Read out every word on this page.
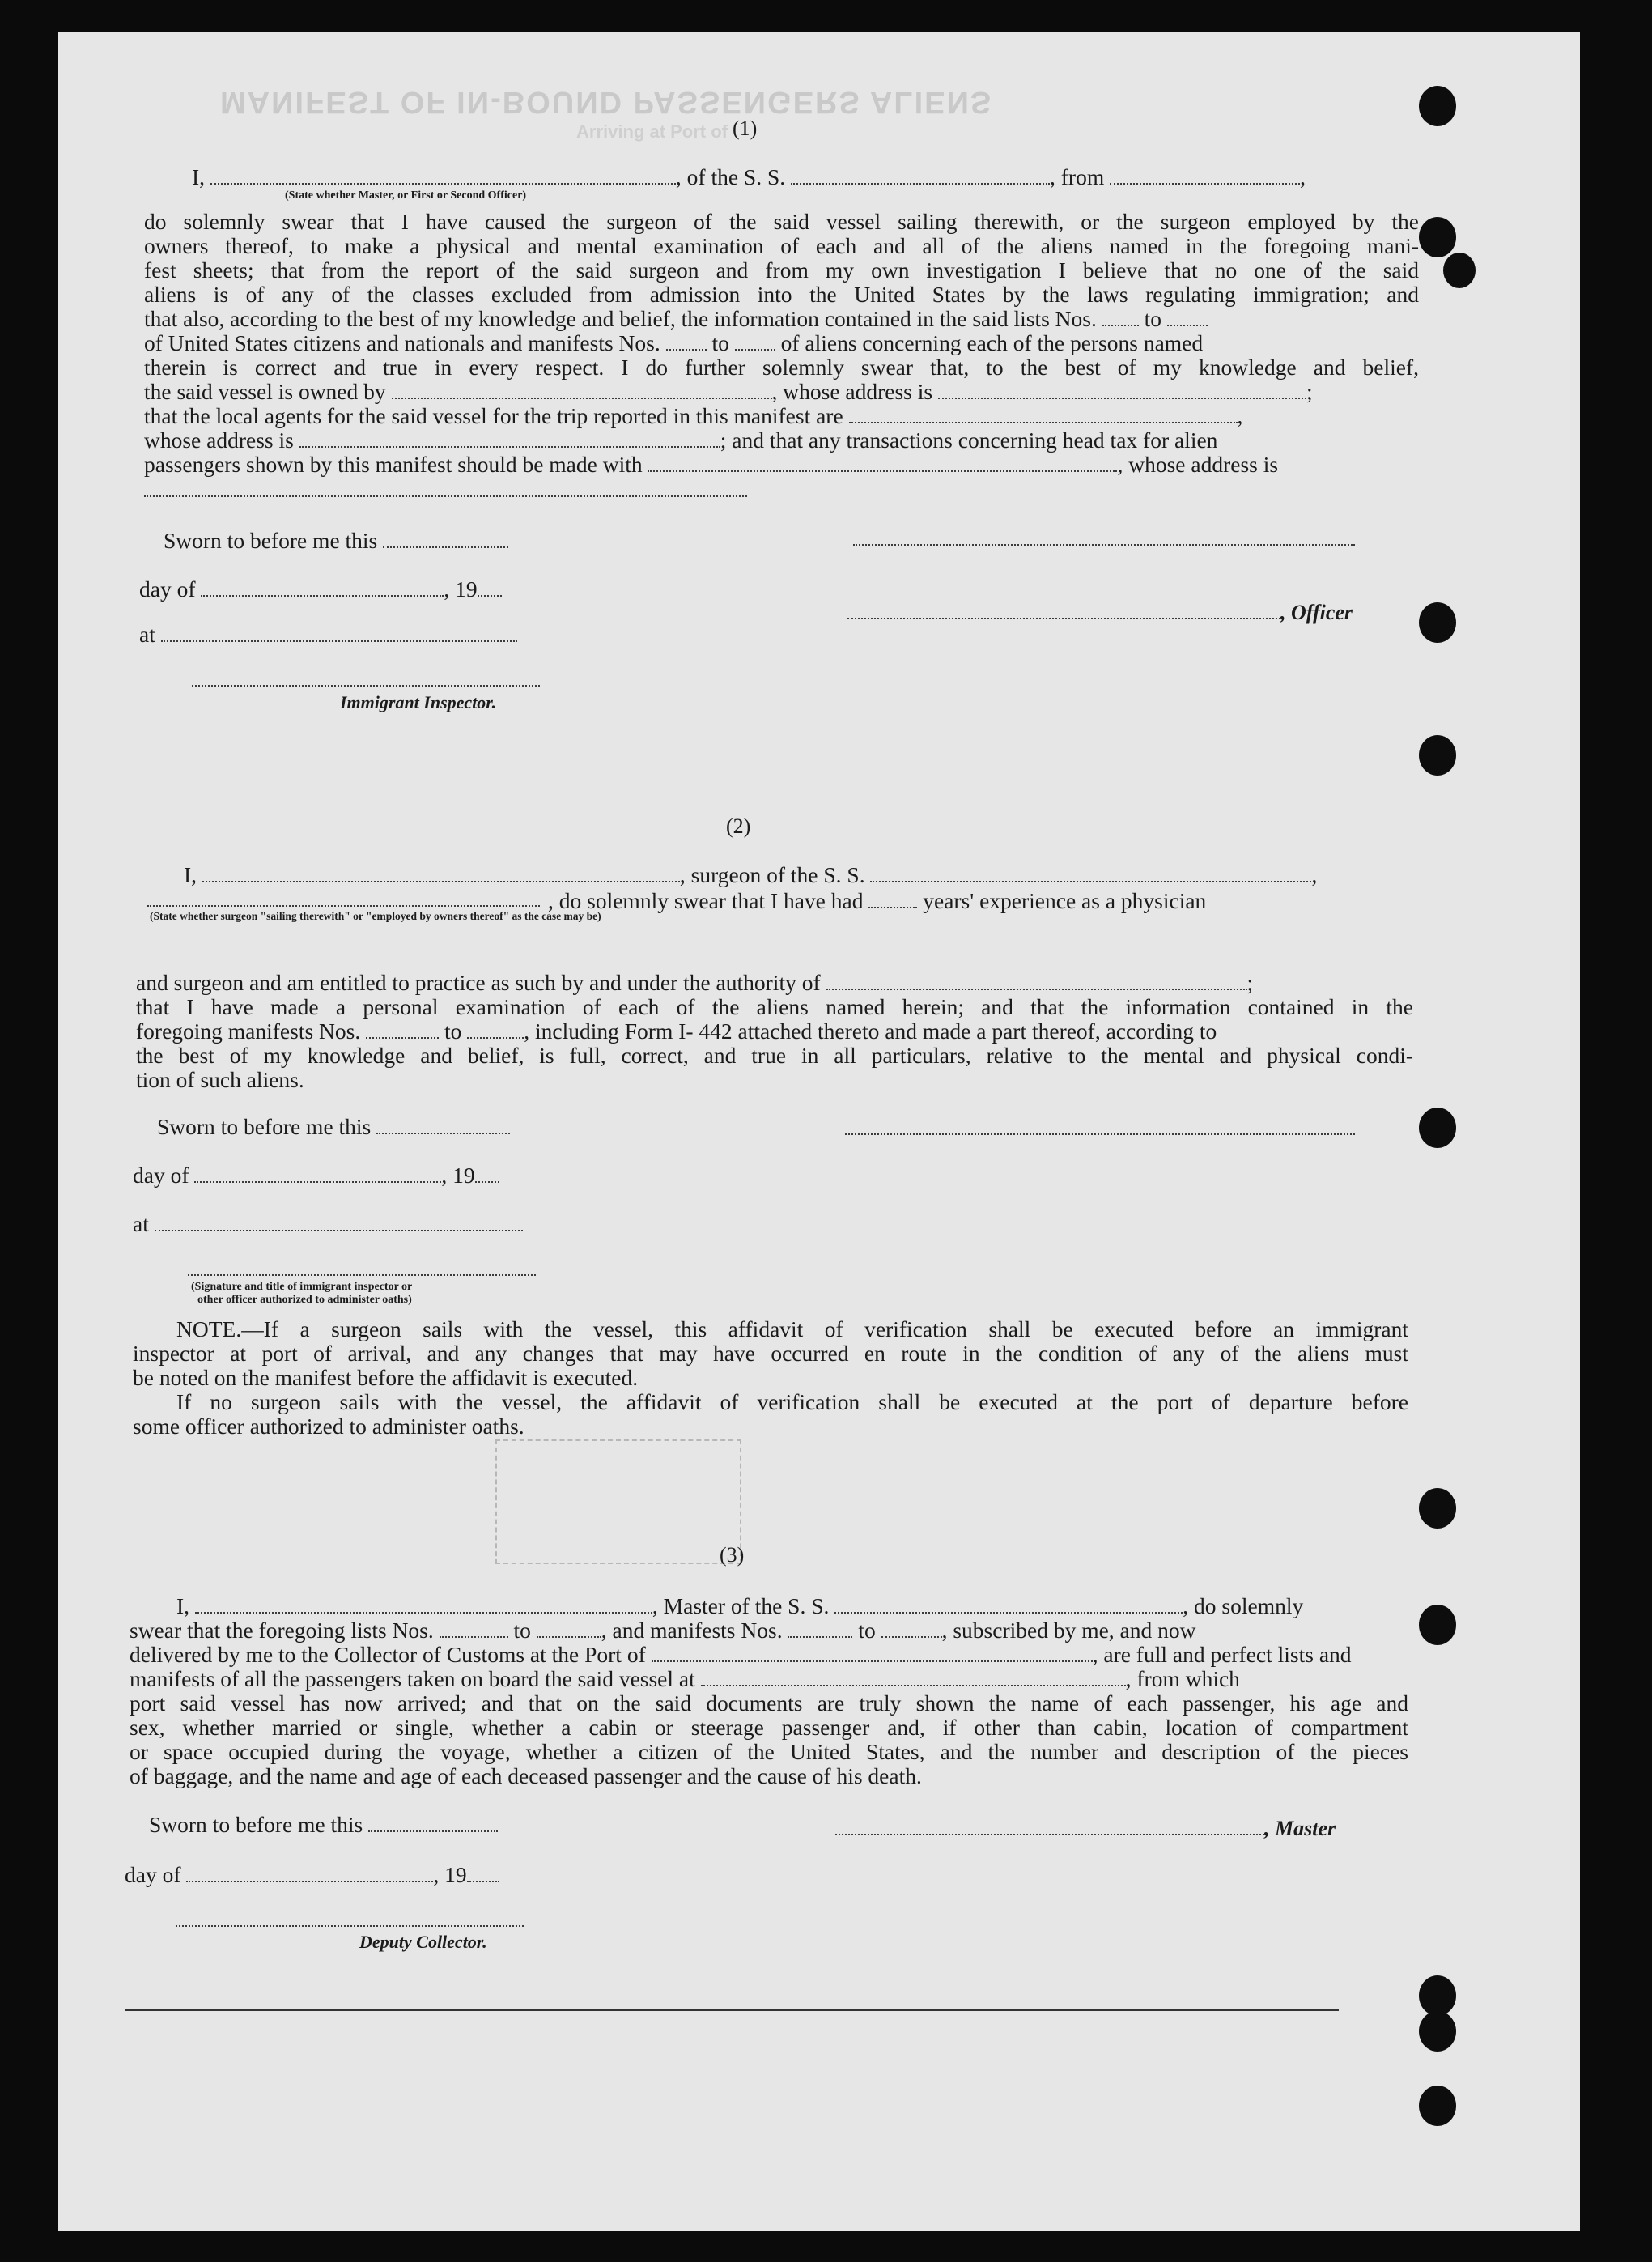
MANIFEST OF IN-BOUND PASSENGERS ALIENS
Arriving at Port of (1)
I,	, of the S. S.	, from	,
(State whether Master, or First or Second Officer)
do solemnly swear that I have caused the surgeon of the said vessel sailing therewith, or the surgeon employed by the
owners thereof, to make a physical and mental examination of each and all of the aliens named in the foregoing mani-
fest sheets; that from the report of the said surgeon and from my own investigation I believe that no one of the said
aliens is of any of the classes excluded from admission into the United States by the laws regulating immigration; and
that also, according to the best of my knowledge and belief, the information contained in the said lists Nos. to
of United States citizens and nationals and manifests Nos. to of aliens concerning each of the persons named
therein is correct and true in every respect. I do further solemnly swear that, to the best of my knowledge and belief,
the said vessel is owned by	, whose address is	;
that the local agents for the said vessel for the trip reported in this manifest are	,
whose address is	; and that any transactions concerning head tax for alien
passengers shown by this manifest should be made with	, whose address is
Sworn to before me this
day of	, 19
, Officer
at
Immigrant Inspector.
(2)
I,	, surgeon of the S. S.	,
, do solemnly swear that I have had	years' experience as a physician
(State whether surgeon "sailing therewith" or "employed by owners thereof" as the case may be)
and surgeon and am entitled to practice as such by and under the authority of	;
that I have made a personal examination of each of the aliens named herein; and that the information contained in the
foregoing manifests Nos.	to	, including Form I- 442 attached thereto and made a part thereof, according to
the best of my knowledge and belief, is full, correct, and true in all particulars, relative to the mental and physical condi-
tion of such aliens.
Sworn to before me this
day of	, 19
at
(Signature and title of immigrant inspector or
other officer authorized to administer oaths)
NOTE.—If a surgeon sails with the vessel, this affidavit of verification shall be executed before an immigrant
inspector at port of arrival, and any changes that may have occurred en route in the condition of any of the aliens must
be noted on the manifest before the affidavit is executed.
If no surgeon sails with the vessel, the affidavit of verification shall be executed at the port of departure before
some officer authorized to administer oaths.
(3)
I,	, Master of the S. S.	, do solemnly
swear that the foregoing lists Nos.	to	, and manifests Nos.	to	, subscribed by me, and now
delivered by me to the Collector of Customs at the Port of	, are full and perfect lists and
manifests of all the passengers taken on board the said vessel at	, from which
port said vessel has now arrived; and that on the said documents are truly shown the name of each passenger, his age and
sex, whether married or single, whether a cabin or steerage passenger and, if other than cabin, location of compartment
or space occupied during the voyage, whether a citizen of the United States, and the number and description of the pieces
of baggage, and the name and age of each deceased passenger and the cause of his death.
Sworn to before me this	, Master
day of	, 19
Deputy Collector.
